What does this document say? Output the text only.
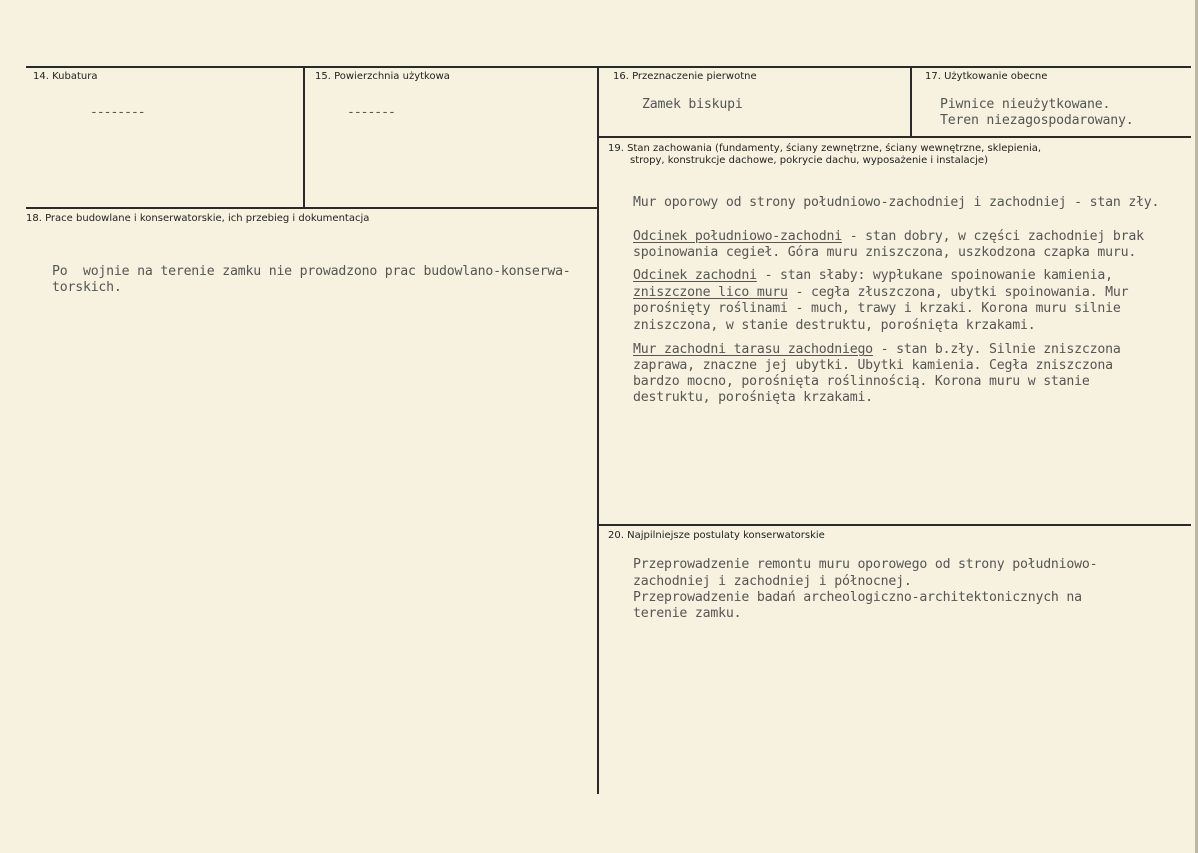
14. Kubatura
--------
15. Powierzchnia użytkowa
-------
16. Przeznaczenie pierwotne
Zamek biskupi
17. Użytkowanie obecne
Piwnice nieużytkowane.
Teren niezagospodarowany.
18. Prace budowlane i konserwatorskie, ich przebieg i dokumentacja
Po  wojnie na terenie zamku nie prowadzono prac budowlano-konserwa-
torskich.
19. Stan zachowania (fundamenty, ściany zewnętrzne, ściany wewnętrzne, sklepienia,
stropy, konstrukcje dachowe, pokrycie dachu, wyposażenie i instalacje)
Mur oporowy od strony południowo-zachodniej i zachodniej - stan zły.
Odcinek południowo-zachodni - stan dobry, w części zachodniej brak
spoinowania cegieł. Góra muru zniszczona, uszkodzona czapka muru.
Odcinek zachodni - stan słaby: wypłukane spoinowanie kamienia,
zniszczone lico muru - cegła złuszczona, ubytki spoinowania. Mur
porośnięty roślinami - much, trawy i krzaki. Korona muru silnie
zniszczona, w stanie destruktu, porośnięta krzakami.
Mur zachodni tarasu zachodniego - stan b.zły. Silnie zniszczona
zaprawa, znaczne jej ubytki. Ubytki kamienia. Cegła zniszczona
bardzo mocno, porośnięta roślinnością. Korona muru w stanie
destruktu, porośnięta krzakami.
20. Najpilniejsze postulaty konserwatorskie
Przeprowadzenie remontu muru oporowego od strony południowo-
zachodniej i zachodniej i północnej.
Przeprowadzenie badań archeologiczno-architektonicznych na
terenie zamku.
